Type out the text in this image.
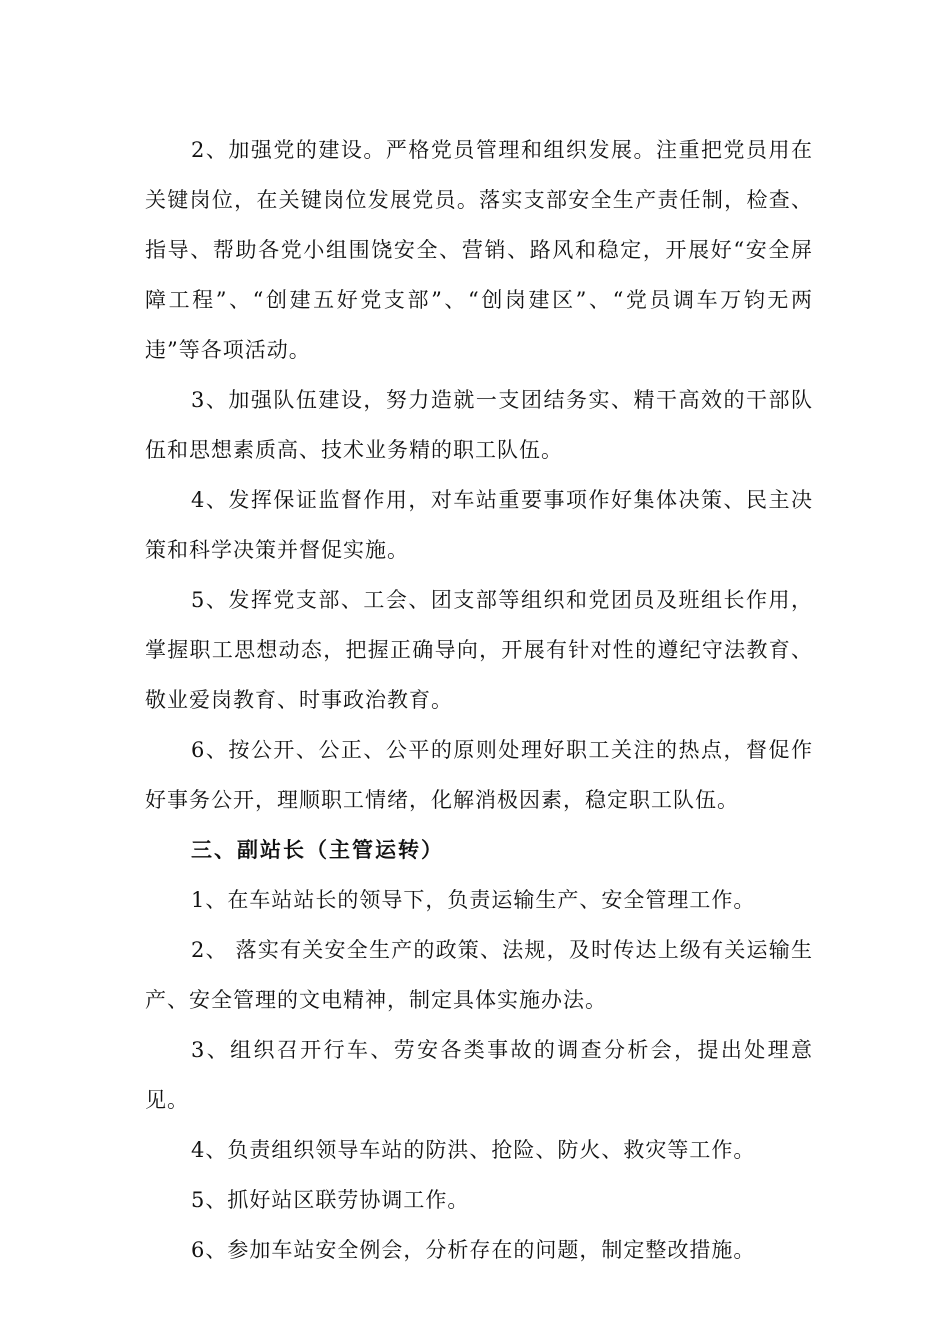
2、加强党的建设。严格党员管理和组织发展。注重把党员用在关键岗位，在关键岗位发展党员。落实支部安全生产责任制，检查、指导、帮助各党小组围饶安全、营销、路风和稳定，开展好“安全屏障工程”、“创建五好党支部”、“创岗建区”、“党员调车万钧无两违”等各项活动。

3、加强队伍建设，努力造就一支团结务实、精干高效的干部队伍和思想素质高、技术业务精的职工队伍。

4、发挥保证监督作用，对车站重要事项作好集体决策、民主决策和科学决策并督促实施。

5、发挥党支部、工会、团支部等组织和党团员及班组长作用，掌握职工思想动态，把握正确导向，开展有针对性的遵纪守法教育、敬业爱岗教育、时事政治教育。

6、按公开、公正、公平的原则处理好职工关注的热点，督促作好事务公开，理顺职工情绪，化解消极因素，稳定职工队伍。

三、副站长（主管运转）

1、在车站站长的领导下，负责运输生产、安全管理工作。

2、 落实有关安全生产的政策、法规，及时传达上级有关运输生产、安全管理的文电精神，制定具体实施办法。

3、组织召开行车、劳安各类事故的调查分析会，提出处理意见。

4、负责组织领导车站的防洪、抢险、防火、救灾等工作。

5、抓好站区联劳协调工作。

6、参加车站安全例会，分析存在的问题，制定整改措施。
